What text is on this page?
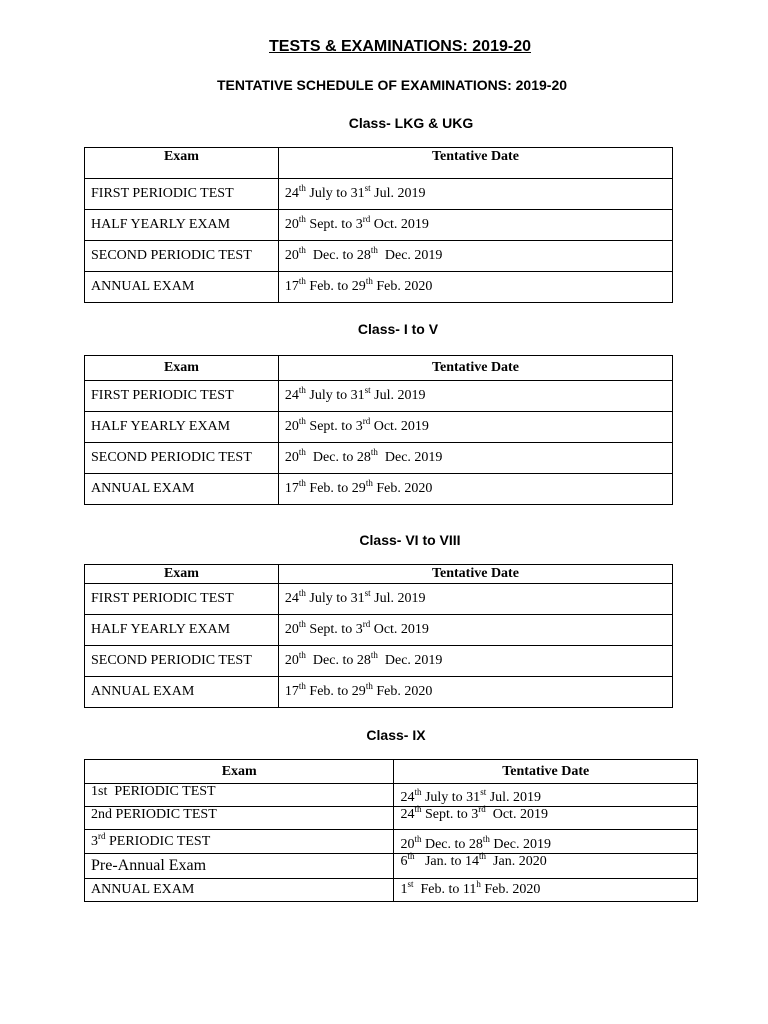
TESTS & EXAMINATIONS: 2019-20
TENTATIVE SCHEDULE OF EXAMINATIONS: 2019-20
Class- LKG & UKG
Exam	Tentative Date
FIRST PERIODIC TEST	24th July to 31st Jul. 2019
HALF YEARLY EXAM	20th Sept. to 3rd Oct. 2019
SECOND PERIODIC TEST	20th  Dec. to 28th  Dec. 2019
ANNUAL EXAM	17th Feb. to 29th Feb. 2020
Class- I to V
Exam	Tentative Date
FIRST PERIODIC TEST	24th July to 31st Jul. 2019
HALF YEARLY EXAM	20th Sept. to 3rd Oct. 2019
SECOND PERIODIC TEST	20th  Dec. to 28th  Dec. 2019
ANNUAL EXAM	17th Feb. to 29th Feb. 2020
Class- VI to VIII
Exam	Tentative Date
FIRST PERIODIC TEST	24th July to 31st Jul. 2019
HALF YEARLY EXAM	20th Sept. to 3rd Oct. 2019
SECOND PERIODIC TEST	20th  Dec. to 28th  Dec. 2019
ANNUAL EXAM	17th Feb. to 29th Feb. 2020
Class- IX
Exam	Tentative Date
1st  PERIODIC TEST	24th July to 31st Jul. 2019
2nd PERIODIC TEST	24th Sept. to 3rd  Oct. 2019
3rd PERIODIC TEST	20th Dec. to 28th Dec. 2019
Pre-Annual Exam	6th   Jan. to 14th  Jan. 2020
ANNUAL EXAM	1st  Feb. to 11$^h$ Feb. 2020
